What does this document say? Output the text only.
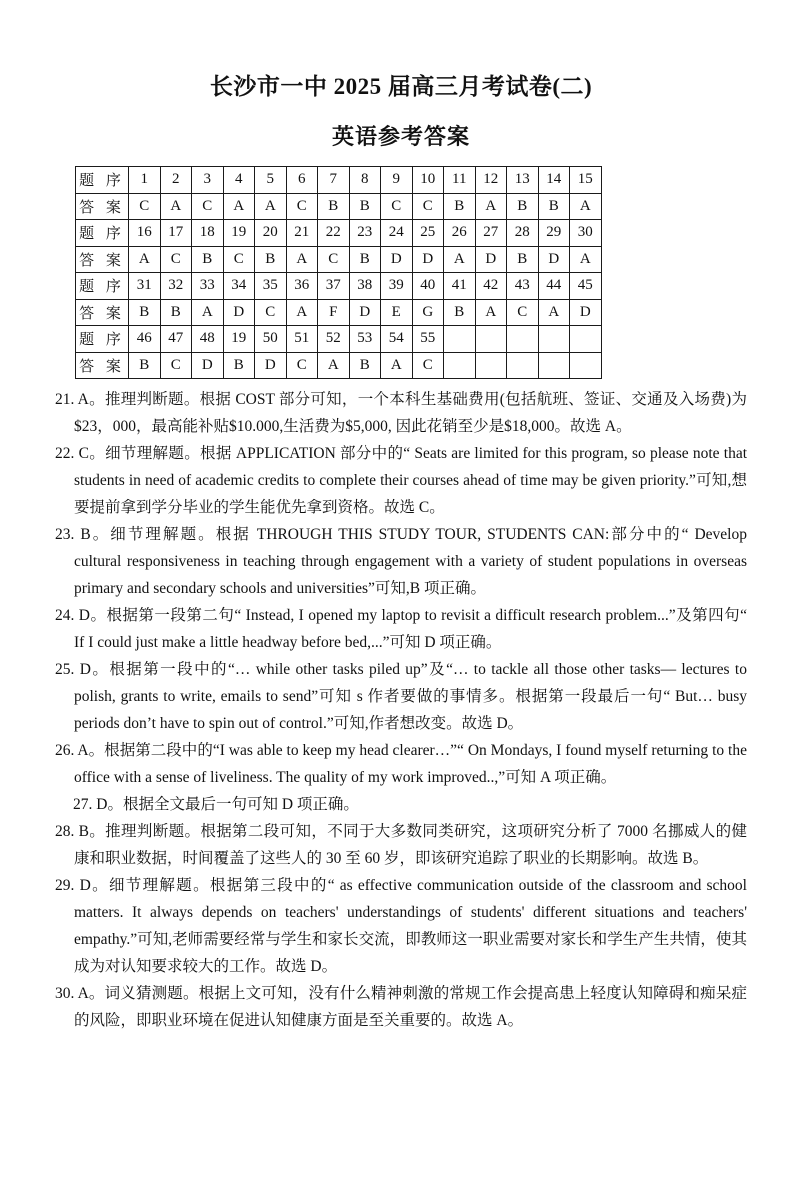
长沙市一中 2025 届高三月考试卷(二)
英语参考答案
题 序	1	2	3	4	5	6	7	8	9	10	11	12	13	14	15
答 案	C	A	C	A	A	C	B	B	C	C	B	A	B	B	A
题 序	16	17	18	19	20	21	22	23	24	25	26	27	28	29	30
答 案	A	C	B	C	B	A	C	B	D	D	A	D	B	D	A
题 序	31	32	33	34	35	36	37	38	39	40	41	42	43	44	45
答 案	B	B	A	D	C	A	F	D	E	G	B	A	C	A	D
题 序	46	47	48	19	50	51	52	53	54	55					
答 案	B	C	D	B	D	C	A	B	A	C					

21. A。推理判断题。根据 COST 部分可知，一个本科生基础费用(包括航班、签证、交通及入场费)为$23，000，最高能补贴$10.000,生活费为$5,000, 因此花销至少是$18,000。故选 A。

22. C。细节理解题。根据 APPLICATION 部分中的“ Seats are limited for this program, so please note that students in need of academic credits to complete their courses ahead of time may be given priority.”可知,想要提前拿到学分毕业的学生能优先拿到资格。故选 C。

23. B。细节理解题。根据 THROUGH THIS STUDY TOUR, STUDENTS CAN:部分中的“ Develop cultural responsiveness in teaching through engagement with a variety of student populations in overseas primary and secondary schools and universities”可知,B 项正确。

24. D。根据第一段第二句“ Instead, I opened my laptop to revisit a difficult research problem...”及第四句“ If I could just make a little headway before bed,...”可知 D 项正确。

25. D。根据第一段中的“… while other tasks piled up”及“… to tackle all those other tasks— lectures to polish, grants to write, emails to send”可知 s 作者要做的事情多。根据第一段最后一句“ But… busy periods don’t have to spin out of control.”可知,作者想改变。故选 D。

26. A。根据第二段中的“I was able to keep my head clearer…”“ On Mondays, I found myself returning to the office with a sense of liveliness. The quality of my work improved..,”可知 A 项正确。

27. D。根据全文最后一句可知 D 项正确。

28. B。推理判断题。根据第二段可知，不同于大多数同类研究，这项研究分析了 7000 名挪威人的健康和职业数据，时间覆盖了这些人的 30 至 60 岁，即该研究追踪了职业的长期影响。故选 B。

29. D。细节理解题。根据第三段中的“ as effective communication outside of the classroom and school matters. It always depends on teachers' understandings of students' different situations and teachers' empathy.”可知,老师需要经常与学生和家长交流，即教师这一职业需要对家长和学生产生共情，使其成为对认知要求较大的工作。故选 D。

30. A。词义猜测题。根据上文可知，没有什么精神刺激的常规工作会提高患上轻度认知障碍和痴呆症的风险，即职业环境在促进认知健康方面是至关重要的。故选 A。
